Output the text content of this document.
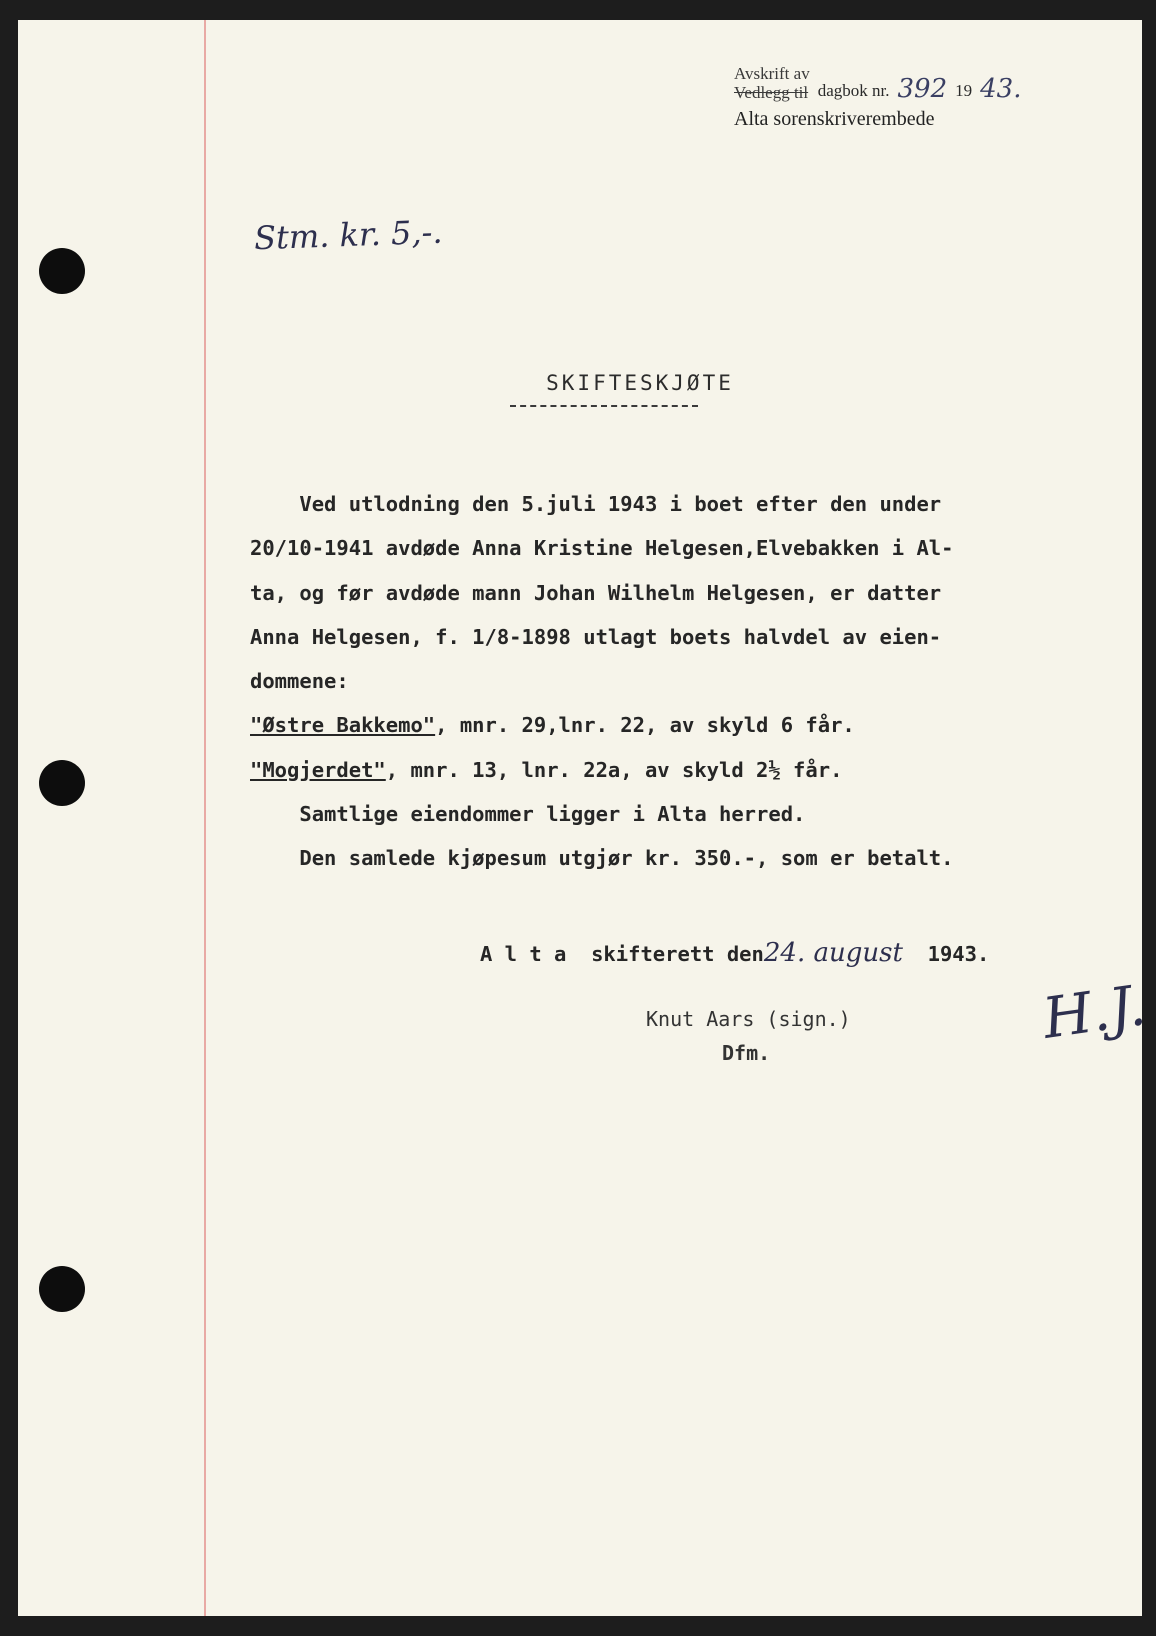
Avskrift av
Vedlegg til dagbok nr. 392 19 43.
Alta sorenskriverembede
Stm. kr. 5,-.
SKIFTESKJØTE
Ved utlodning den 5.juli 1943 i boet efter den under
20/10-1941 avdøde Anna Kristine Helgesen,Elvebakken i Al-
ta, og før avdøde mann Johan Wilhelm Helgesen, er datter
Anna Helgesen, f. 1/8-1898 utlagt boets halvdel av eien-
dommene:
"Østre Bakkemo", mnr. 29,lnr. 22, av skyld 6 får.
"Mogjerdet", mnr. 13, lnr. 22a, av skyld 2½ får.
Samtlige eiendommer ligger i Alta herred.
Den samlede kjøpesum utgjør kr. 350.-, som er betalt.
A l t a  skifterett den24. august 1943.
Knut Aars (sign.)
Dfm.
H.J.
